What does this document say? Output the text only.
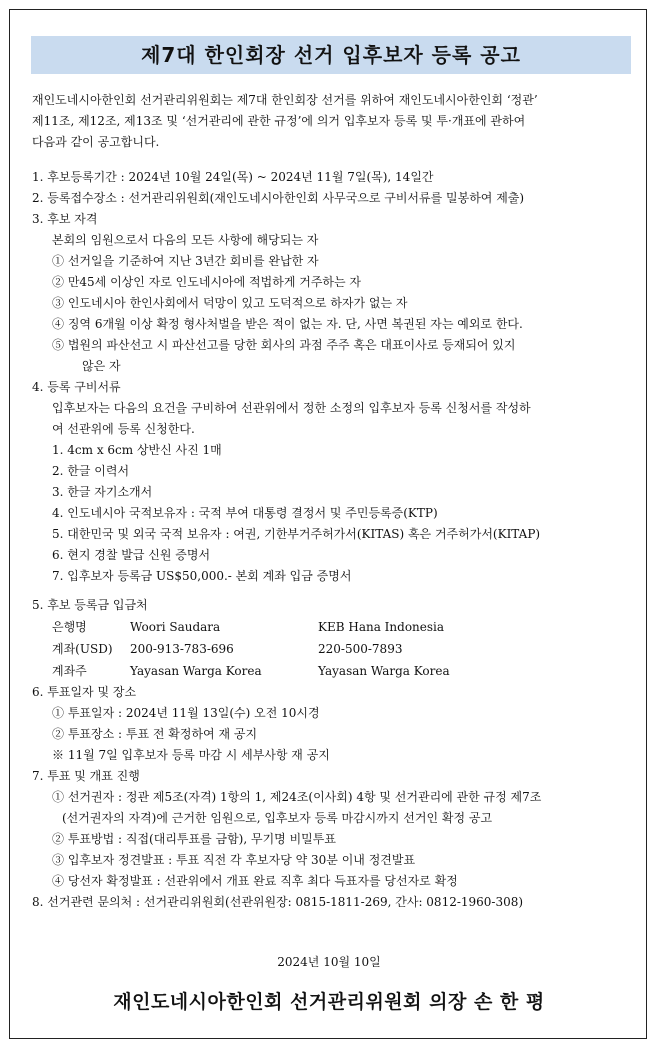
제7대 한인회장 선거 입후보자 등록 공고
재인도네시아한인회 선거관리위원회는 제7대 한인회장 선거를 위하여 재인도네시아한인회 ‘정관’
제11조, 제12조, 제13조 및 ‘선거관리에 관한 규정’에 의거 입후보자 등록 및 투·개표에 관하여
다음과 같이 공고합니다.
1. 후보등록기간 : 2024년 10월 24일(목) ~ 2024년 11월 7일(목), 14일간
2. 등록접수장소 : 선거관리위원회(재인도네시아한인회 사무국으로 구비서류를 밀봉하여 제출)
3. 후보 자격
본회의 임원으로서 다음의 모든 사항에 해당되는 자
① 선거일을 기준하여 지난 3년간 회비를 완납한 자
② 만45세 이상인 자로 인도네시아에 적법하게 거주하는 자
③ 인도네시아 한인사회에서 덕망이 있고 도덕적으로 하자가 없는 자
④ 징역 6개월 이상 확정 형사처벌을 받은 적이 없는 자. 단, 사면 복권된 자는 예외로 한다.
⑤ 법원의 파산선고 시 파산선고를 당한 회사의 과점 주주 혹은 대표이사로 등재되어 있지
않은 자
4. 등록 구비서류
입후보자는 다음의 요건을 구비하여 선관위에서 정한 소정의 입후보자 등록 신청서를 작성하
여 선관위에 등록 신청한다.
1. 4cm x 6cm 상반신 사진 1매
2. 한글 이력서
3. 한글 자기소개서
4. 인도네시아 국적보유자 : 국적 부여 대통령 결정서 및 주민등록증(KTP)
5. 대한민국 및 외국 국적 보유자 : 여권, 기한부거주허가서(KITAS) 혹은 거주허가서(KITAP)
6. 현지 경찰 발급 신원 증명서
7. 입후보자 등록금 US$50,000.- 본회 계좌 입금 증명서
5. 후보 등록금 입금처
은행명	Woori Saudara	KEB Hana Indonesia
계좌(USD)	200-913-783-696	220-500-7893
계좌주	Yayasan Warga Korea	Yayasan Warga Korea
6. 투표일자 및 장소
① 투표일자 : 2024년 11월 13일(수) 오전 10시경
② 투표장소 : 투표 전 확정하여 재 공지
※ 11월 7일 입후보자 등록 마감 시 세부사항 재 공지
7. 투표 및 개표 진행
① 선거권자 : 정관 제5조(자격) 1항의 1, 제24조(이사회) 4항 및 선거관리에 관한 규정 제7조
(선거권자의 자격)에 근거한 임원으로, 입후보자 등록 마감시까지 선거인 확정 공고
② 투표방법 : 직접(대리투표를 금함), 무기명 비밀투표
③ 입후보자 정견발표 : 투표 직전 각 후보자당 약 30분 이내 정견발표
④ 당선자 확정발표 : 선관위에서 개표 완료 직후 최다 득표자를 당선자로 확정
8. 선거관련 문의처 : 선거관리위원회(선관위원장: 0815-1811-269, 간사: 0812-1960-308)
2024년 10월 10일
재인도네시아한인회 선거관리위원회 의장 손 한 평
